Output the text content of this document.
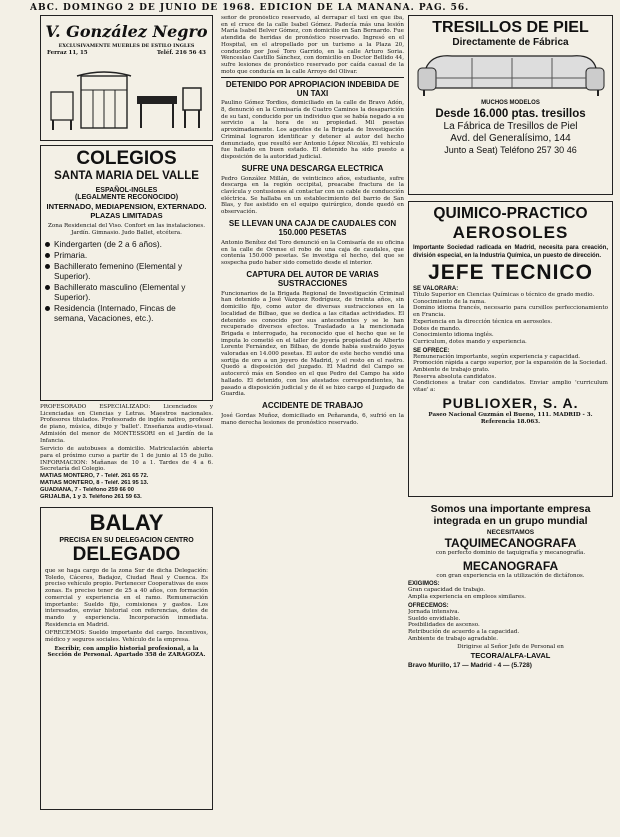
ABC. DOMINGO 2 DE JUNIO DE 1968. EDICION DE LA MAÑANA. PAG. 56.
V. González Negro
EXCLUSIVAMENTE MUEBLES DE ESTILO INGLES
Ferraz 11, 15	Teléf. 216 56 43
COLEGIOS
SANTA MARIA DEL VALLE
ESPAÑOL-INGLES
(LEGALMENTE RECONOCIDO)
INTERNADO, MEDIAPENSION, EXTERNADO. PLAZAS LIMITADAS
Zona Residencial del Viso. Confort en las instalaciones. Jardín. Gimnasio. Judo Ballet, etcétera.
Kindergarten (de 2 a 6 años).
Primaria.
Bachillerato femenino (Elemental y Superior).
Bachillerato masculino (Elemental y Superior).
Residencia (Internado, Fincas de semana, Vacaciones, etc.).
PROFESORADO ESPECIALIZADO: Licenciados y Licenciadas en Ciencias y Letras. Maestros nacionales. Profesores titulados. Profesorado de inglés nativo, profesor de piano, música, dibujo y 'ballet'. Enseñanza audio-visual. Admisión del menor de MONTESSORI en el Jardín de la Infancia.
Servicio de autobuses a domicilio. Matriculación abierta para el próximo curso a partir de 1 de junio al 15 de julio. INFORMACION: Mañanas de 10 a 1. Tardes de 4 a 6. Secretaría del Colegio.
MATIAS MONTERO, 7 - Teléf. 261 65 72.
MATIAS MONTERO, 8 - Teléf. 261 95 13.
GUADIANA, 7 - Teléfono 259 66 00
GRIJALBA, 1 y 3. Teléfono 261 59 63.
BALAY
PRECISA EN SU DELEGACION CENTRO
DELEGADO
que se haga cargo de la zona Sur de dicha Delegación: Toledo, Cáceres, Badajoz, Ciudad Real y Cuenca. Es preciso vehículo propio. Pertenecer Cooperativas de esos zonas. Es preciso tener de 25 a 40 años, con formación comercial y experiencia en el ramo. Remuneración importante: Sueldo fijo, comisiones y gastos. Los interesados, enviar historial con referencias, dotes de mando y experiencia. Incorporación inmediata. Residencia en Madrid.
OFRECEMOS: Sueldo importante del cargo. Incentivos, médico y seguros sociales. Vehículo de la empresa.
Escribir, con amplio historial profesional, a la Sección de Personal. Apartado 358 de ZARAGOZA.
señor de pronóstico reservado, al derrapar el taxi en que iba, en el cruce de la calle Isabel Gómez. Padecía más una lesión María Isabel Belver Gómez, con domicilio en San Bernardo. Fue atendida de heridas de pronóstico reservado. Ingresó en el Hospital, en el atropellado por un turismo a la Plaza 20, conducido por José Toro Garrido, en la calle Arturo Soria. Wenceslao Castillo Sánchez, con domicilio en Doctor Bellido 44, sufre lesiones de pronóstico reservado por caída casual de la moto que conducía en la calle Arroyo del Olivar.
DETENIDO POR APROPIACION INDEBIDA DE UN TAXI
Paulino Gómez Tordios, domiciliado en la calle de Bravo Adón, 8, denunció en la Comisaría de Cuatro Caminos la desaparición de su taxi, conducido por un individuo que se había negado a su servicio a la hora de su propiedad. Mil pesetas aproximadamente. Los agentes de la Brigada de Investigación Criminal lograron identificar y detener al autor del hecho denunciado, que resultó ser Antonio López Nicolás, El vehículo fue hallado en buen estado. El detenido ha sido puesto a disposición de la autoridad judicial.
SUFRE UNA DESCARGA ELECTRICA
Pedro González Millán, de veinticinco años, estudiante, sufre descarga en la región occipital, preacabe fractura de la clavícula y contusiones al contactar con un cable de conducción eléctrica. Se hallaba en un establecimiento del barrio de San Blas, y fue asistido en el equipo quirúrgico, donde quedó en observación.
SE LLEVAN UNA CAJA DE CAUDALES CON 150.000 PESETAS
Antonio Benítez del Toro denunció en la Comisaría de su oficina en la calle de Orense el robo de una caja de caudales, que contenía 150.000 pesetas. Se investiga el hecho, del que se sospecha pudo haber sido cometido desde el interior.
CAPTURA DEL AUTOR DE VARIAS SUSTRACCIONES
Funcionarios de la Brigada Regional de Investigación Criminal han detenido a José Vázquez Rodríguez, de treinta años, sin domicilio fijo, como autor de diversas sustracciones en la localidad de Bilbao, que se dedica a las citadas actividades. El detenido es conocido por sus antecedentes y se le han recuperado diversos efectos. Trasladado a la mencionada Brigada e interrogado, ha reconocido que el hecho que se le imputa lo cometió en el taller de joyería propiedad de Alberto Lorente Fernández, en Bilbao, de donde había sustraído joyas valoradas en 14.000 pesetas. El autor de este hecho vendió una sortija de oro a un joyero de Madrid, y el resto en el rastro. Quedó a disposición del juzgado. El Madrid del Campo se autocercó más en Sondeo en el que Pedro del Campo ha sido hallado. El detenido, con los atestados correspondientes, ha pasado a disposición judicial y de él se hizo cargo el Juzgado de Guardia.
ACCIDENTE DE TRABAJO
José Gordas Muñoz, domiciliado en Peñaranda, 6, sufrió en la mano derecha lesiones de pronóstico reservado.
TRESILLOS DE PIEL
Directamente de Fábrica
MUCHOS MODELOS
Desde 16.000 ptas. tresillos
La Fábrica de Tresillos de Piel
Avd. del Generalísimo, 144
Junto a Seat) Teléfono 257 30 46
QUIMICO-PRACTICO
AEROSOLES
Importante Sociedad radicada en Madrid, necesita para creación, división especial, en la Industria Química, un puesto de dirección.
JEFE TECNICO
SE VALORARA:
Título Superior en Ciencias Químicas o técnico de grado medio.
Conocimiento de la rama.
Domino idioma francés, necesario para cursillos perfeccionamiento en Francia.
Experiencia en la dirección técnica en aerosoles.
Dotes de mando.
Conocimiento idioma inglés.
Curriculum, dotes mando y experiencia.
SE OFRECE:
Remuneración importante, según experiencia y capacidad.
Promoción rápida a cargo superior, por la expansión de la Sociedad.
Ambiente de trabajo grato.
Reserva absoluta candidatos.
Condiciones a tratar con candidatos. Enviar amplio 'curriculum vitae' a:
PUBLIOXER, S. A.
Paseo Nacional Guzmán el Bueno, 111. MADRID - 3. Referencia 18.063.
Somos una importante empresa
integrada en un grupo mundial
NECESITAMOS
TAQUIMECANOGRAFA
con perfecto dominio de taquigrafía y mecanografía.
MECANOGRAFA
con gran experiencia en la utilización de dictáfonos.
EXIGIMOS:
Gran capacidad de trabajo.
Amplia experiencia en empleos similares.
OFRECEMOS:
Jornada intensiva.
Sueldo envidiable.
Posibilidades de ascenso.
Retribución de acuerdo a la capacidad.
Ambiente de trabajo agradable.
Dirigirse al Señor Jefe de Personal en
TECORA/ALFA-LAVAL
Bravo Murillo, 17 — Madrid - 4 — (5.728)
